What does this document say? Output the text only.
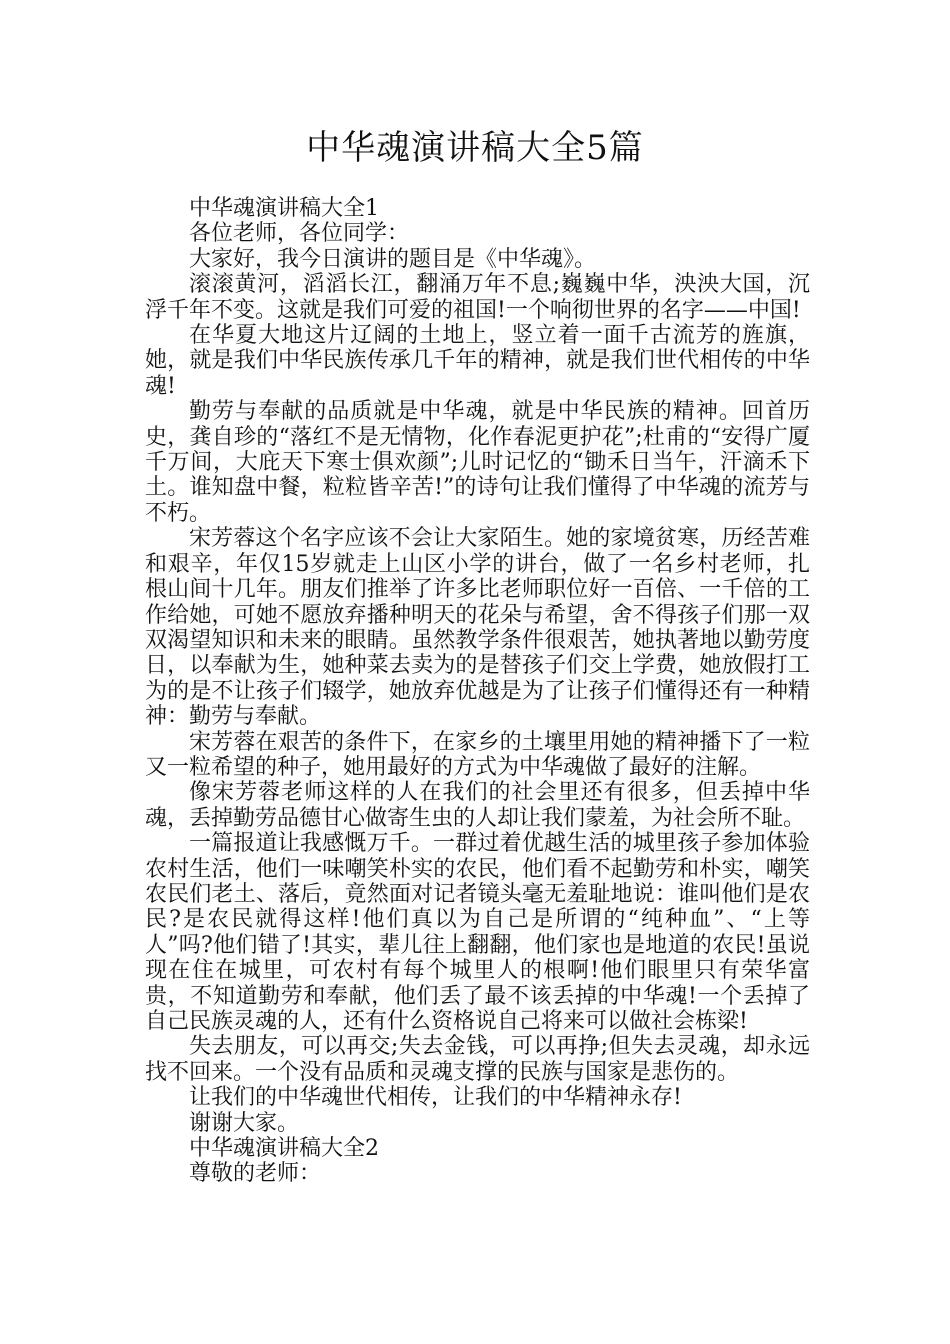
中华魂演讲稿大全5篇

中华魂演讲稿大全1

各位老师，各位同学：

大家好，我今日演讲的题目是《中华魂》。

滚滚黄河，滔滔长江，翻涌万年不息;巍巍中华，泱泱大国，沉浮千年不变。这就是我们可爱的祖国!一个响彻世界的名字——中国!

在华夏大地这片辽阔的土地上，竖立着一面千古流芳的旌旗，她，就是我们中华民族传承几千年的精神，就是我们世代相传的中华魂!

勤劳与奉献的品质就是中华魂，就是中华民族的精神。回首历史，龚自珍的“落红不是无情物，化作春泥更护花”;杜甫的“安得广厦千万间，大庇天下寒士俱欢颜”;儿时记忆的“锄禾日当午，汗滴禾下土。谁知盘中餐，粒粒皆辛苦!”的诗句让我们懂得了中华魂的流芳与不朽。

宋芳蓉这个名字应该不会让大家陌生。她的家境贫寒，历经苦难和艰辛，年仅15岁就走上山区小学的讲台，做了一名乡村老师，扎根山间十几年。朋友们推举了许多比老师职位好一百倍、一千倍的工作给她，可她不愿放弃播种明天的花朵与希望，舍不得孩子们那一双双渴望知识和未来的眼睛。虽然教学条件很艰苦，她执著地以勤劳度日，以奉献为生，她种菜去卖为的是替孩子们交上学费，她放假打工为的是不让孩子们辍学，她放弃优越是为了让孩子们懂得还有一种精神：勤劳与奉献。

宋芳蓉在艰苦的条件下，在家乡的土壤里用她的精神播下了一粒又一粒希望的种子，她用最好的方式为中华魂做了最好的注解。

像宋芳蓉老师这样的人在我们的社会里还有很多，但丢掉中华魂，丢掉勤劳品德甘心做寄生虫的人却让我们蒙羞，为社会所不耻。

一篇报道让我感慨万千。一群过着优越生活的城里孩子参加体验农村生活，他们一味嘲笑朴实的农民，他们看不起勤劳和朴实，嘲笑农民们老土、落后，竟然面对记者镜头毫无羞耻地说：谁叫他们是农民?是农民就得这样!他们真以为自己是所谓的“纯种血”、“上等人”吗?他们错了!其实，辈儿往上翻翻，他们家也是地道的农民!虽说现在住在城里，可农村有每个城里人的根啊!他们眼里只有荣华富贵，不知道勤劳和奉献，他们丢了最不该丢掉的中华魂!一个丢掉了自己民族灵魂的人，还有什么资格说自己将来可以做社会栋梁!

失去朋友，可以再交;失去金钱，可以再挣;但失去灵魂，却永远找不回来。一个没有品质和灵魂支撑的民族与国家是悲伤的。

让我们的中华魂世代相传，让我们的中华精神永存!

谢谢大家。

中华魂演讲稿大全2

尊敬的老师：
